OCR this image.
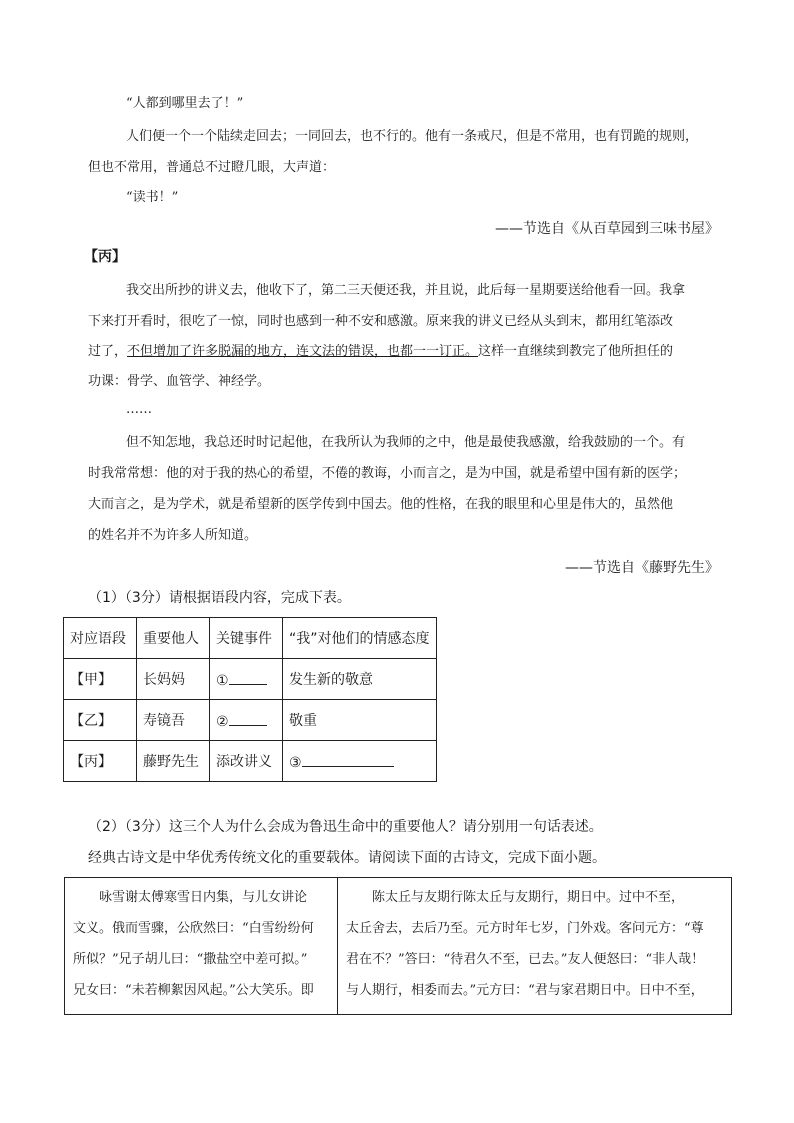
“人都到哪里去了！”
人们便一个一个陆续走回去；一同回去，也不行的。他有一条戒尺，但是不常用，也有罚跪的规则，
但也不常用，普通总不过瞪几眼，大声道：
“读书！”
——节选自《从百草园到三味书屋》
【丙】
我交出所抄的讲义去，他收下了，第二三天便还我，并且说，此后每一星期要送给他看一回。我拿
下来打开看时，很吃了一惊，同时也感到一种不安和感激。原来我的讲义已经从头到末，都用红笔添改
过了，不但增加了许多脱漏的地方，连文法的错误，也都一一订正。这样一直继续到教完了他所担任的
功课：骨学、血管学、神经学。
……
但不知怎地，我总还时时记起他，在我所认为我师的之中，他是最使我感激，给我鼓励的一个。有
时我常常想：他的对于我的热心的希望，不倦的教诲，小而言之，是为中国，就是希望中国有新的医学；
大而言之，是为学术，就是希望新的医学传到中国去。他的性格，在我的眼里和心里是伟大的，虽然他
的姓名并不为许多人所知道。
——节选自《藤野先生》
（1）（3分）请根据语段内容，完成下表。
对应语段	重要他人	关键事件	“我”对他们的情感态度
【甲】	长妈妈	①	发生新的敬意
【乙】	寿镜吾	②	敬重
【丙】	藤野先生	添改讲义	③
（2）（3分）这三个人为什么会成为鲁迅生命中的重要他人？请分别用一句话表述。
经典古诗文是中华优秀传统文化的重要载体。请阅读下面的古诗文，完成下面小题。
咏雪谢太傅寒雪日内集，与儿女讲论
文义。俄而雪骤，公欣然曰：“白雪纷纷何
所似？”兄子胡儿曰：“撒盐空中差可拟。”
兄女曰：“未若柳絮因风起。”公大笑乐。即
陈太丘与友期行陈太丘与友期行，期日中。过中不至，
太丘舍去，去后乃至。元方时年七岁，门外戏。客问元方：“尊
君在不？”答曰：“待君久不至，已去。”友人便怒曰：“非人哉！
与人期行，相委而去。”元方曰：“君与家君期日中。日中不至，
